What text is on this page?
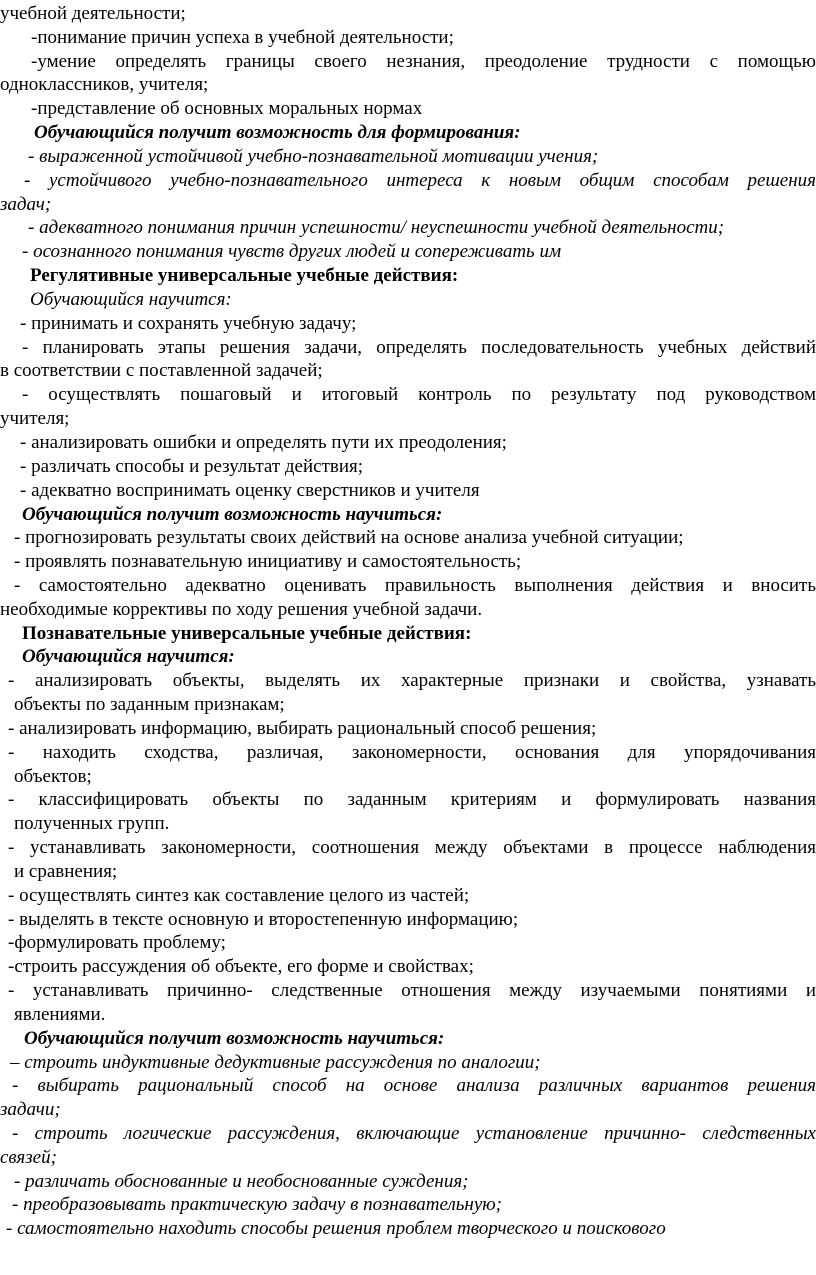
учебной деятельности;
-понимание причин успеха в учебной деятельности;
-умение определять границы своего незнания, преодоление трудности с помощью
одноклассников, учителя;
-представление об основных моральных нормах
Обучающийся получит возможность для формирования:
- выраженной устойчивой учебно-познавательной мотивации учения;
- устойчивого учебно-познавательного интереса к новым общим способам решения
задач;
- адекватного понимания причин успешности/ неуспешности учебной деятельности;
- осознанного понимания чувств других людей и сопереживать им
Регулятивные универсальные учебные действия:
Обучающийся научится:
- принимать и сохранять учебную задачу;
- планировать этапы решения задачи, определять последовательность учебных действий
в соответствии с поставленной задачей;
- осуществлять пошаговый и итоговый контроль по результату под руководством
учителя;
- анализировать ошибки и определять пути их преодоления;
- различать способы и результат действия;
- адекватно воспринимать оценку сверстников и учителя
Обучающийся получит возможность научиться:
- прогнозировать результаты своих действий на основе анализа учебной ситуации;
- проявлять познавательную инициативу и самостоятельность;
- самостоятельно адекватно оценивать правильность выполнения действия и вносить
необходимые коррективы по ходу решения учебной задачи.
Познавательные универсальные учебные действия:
Обучающийся научится:
- анализировать объекты, выделять их характерные признаки и свойства, узнавать
объекты по заданным признакам;
- анализировать информацию, выбирать рациональный способ решения;
- находить сходства, различая, закономерности, основания для упорядочивания
объектов;
- классифицировать объекты по заданным критериям и формулировать названия
полученных групп.
- устанавливать закономерности, соотношения между объектами в процессе наблюдения
и сравнения;
- осуществлять синтез как составление целого из частей;
- выделять в тексте основную и второстепенную информацию;
-формулировать проблему;
-строить рассуждения об объекте, его форме и свойствах;
- устанавливать причинно- следственные отношения между изучаемыми понятиями и
явлениями.
Обучающийся получит возможность научиться:
– строить индуктивные дедуктивные рассуждения по аналогии;
- выбирать рациональный способ на основе анализа различных вариантов решения
задачи;
- строить логические рассуждения, включающие установление причинно- следственных
связей;
- различать обоснованные и необоснованные суждения;
- преобразовывать практическую задачу в познавательную;
- самостоятельно находить способы решения проблем творческого и поискового
